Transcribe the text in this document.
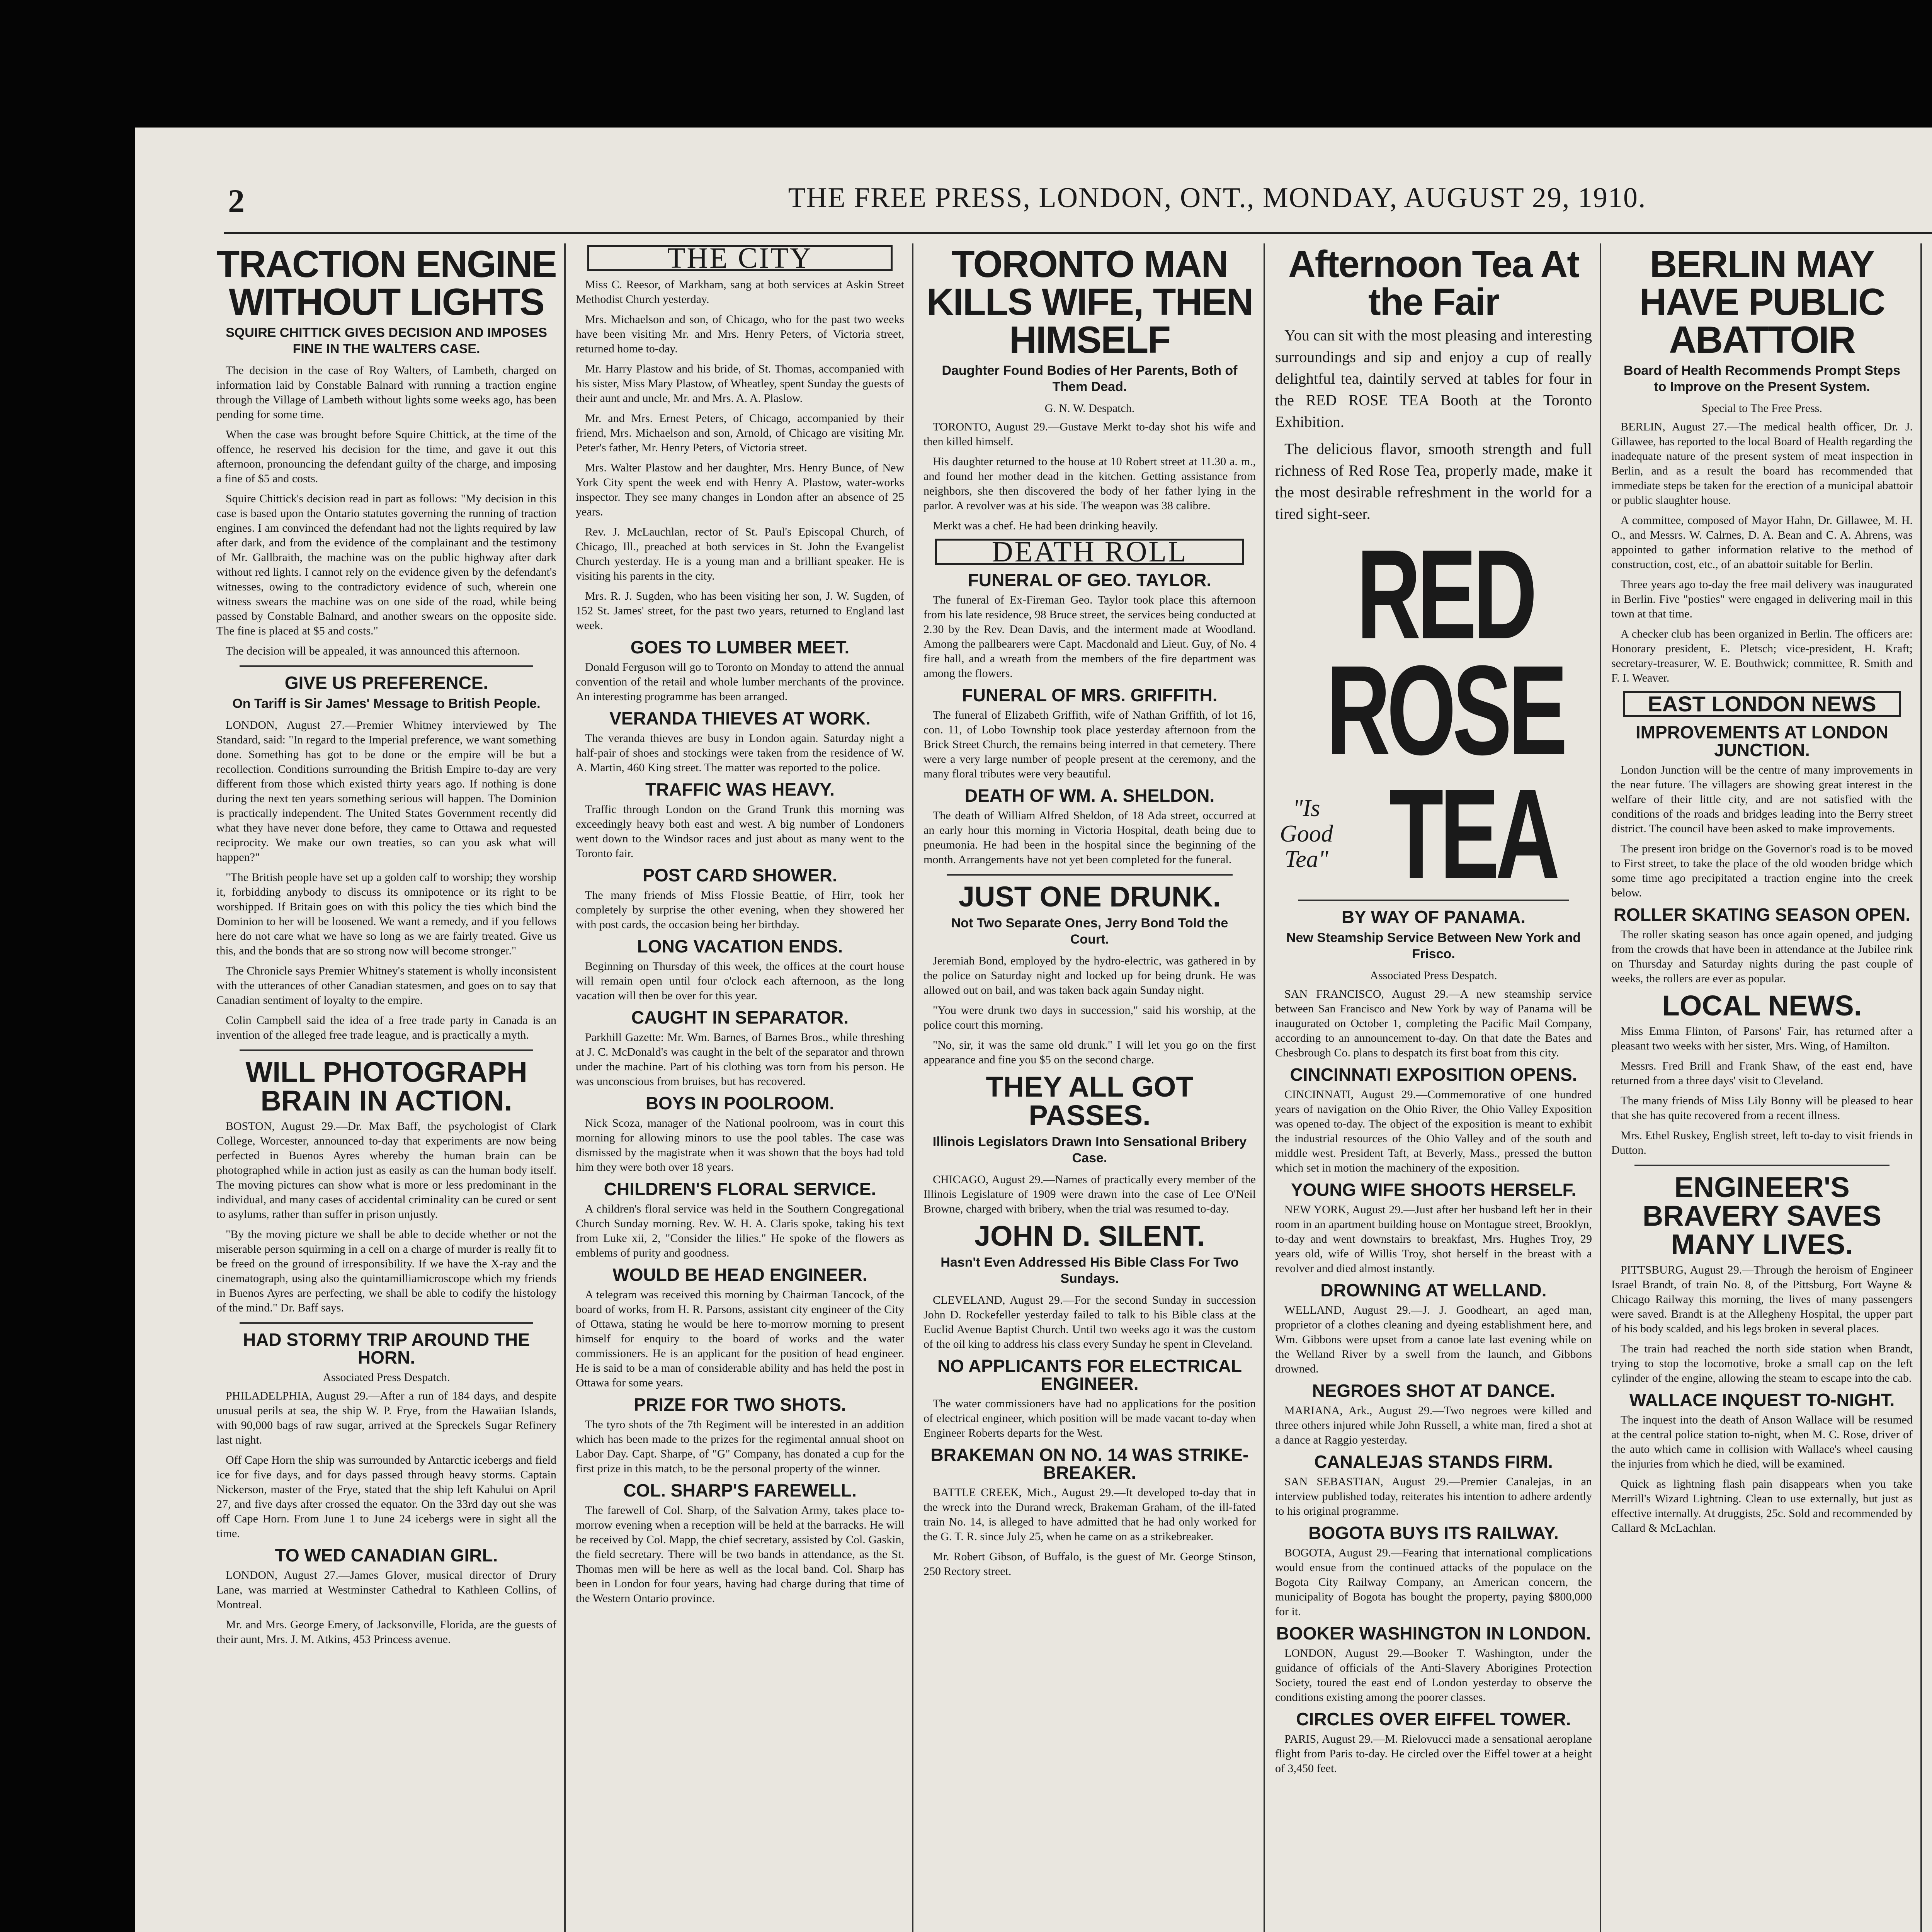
2	THE FREE PRESS, LONDON, ONT., MONDAY, AUGUST 29, 1910.
TRACTION ENGINE WITHOUT LIGHTS
SQUIRE CHITTICK GIVES DECISION AND IMPOSES FINE IN THE WALTERS CASE.

The decision in the case of Roy Walters, of Lambeth, charged on information laid by Constable Balnard with running a traction engine through the Village of Lambeth without lights some weeks ago, has been pending for some time.

When the case was brought before Squire Chittick, at the time of the offence, he reserved his decision for the time, and gave it out this afternoon, pronouncing the defendant guilty of the charge, and imposing a fine of $5 and costs.

Squire Chittick's decision read in part as follows: "My decision in this case is based upon the Ontario statutes governing the running of traction engines. I am convinced the defendant had not the lights required by law after dark, and from the evidence of the complainant and the testimony of Mr. Gallbraith, the machine was on the public highway after dark without red lights. I cannot rely on the evidence given by the defendant's witnesses, owing to the contradictory evidence of such, wherein one witness swears the machine was on one side of the road, while being passed by Constable Balnard, and another swears on the opposite side. The fine is placed at $5 and costs."

The decision will be appealed, it was announced this afternoon.

GIVE US PREFERENCE.
On Tariff is Sir James' Message to British People.

LONDON, August 27.—Premier Whitney interviewed by The Standard, said: "In regard to the Imperial preference, we want something done. Something has got to be done or the empire will be but a recollection. Conditions surrounding the British Empire to-day are very different from those which existed thirty years ago. If nothing is done during the next ten years something serious will happen. The Dominion is practically independent. The United States Government recently did what they have never done before, they came to Ottawa and requested reciprocity. We make our own treaties, so can you ask what will happen?"

"The British people have set up a golden calf to worship; they worship it, forbidding anybody to discuss its omnipotence or its right to be worshipped. If Britain goes on with this policy the ties which bind the Dominion to her will be loosened. We want a remedy, and if you fellows here do not care what we have so long as we are fairly treated. Give us this, and the bonds that are so strong now will become stronger."

The Chronicle says Premier Whitney's statement is wholly inconsistent with the utterances of other Canadian statesmen, and goes on to say that Canadian sentiment of loyalty to the empire.

Colin Campbell said the idea of a free trade party in Canada is an invention of the alleged free trade league, and is practically a myth.

WILL PHOTOGRAPH BRAIN IN ACTION.

BOSTON, August 29.—Dr. Max Baff, the psychologist of Clark College, Worcester, announced to-day that experiments are now being perfected in Buenos Ayres whereby the human brain can be photographed while in action just as easily as can the human body itself. The moving pictures can show what is more or less predominant in the individual, and many cases of accidental criminality can be cured or sent to asylums, rather than suffer in prison unjustly.

"By the moving picture we shall be able to decide whether or not the miserable person squirming in a cell on a charge of murder is really fit to be freed on the ground of irresponsibility. If we have the X-ray and the cinematograph, using also the quintamilliamicroscope which my friends in Buenos Ayres are perfecting, we shall be able to codify the histology of the mind." Dr. Baff says.

HAD STORMY TRIP AROUND THE HORN.
Associated Press Despatch.

PHILADELPHIA, August 29.—After a run of 184 days, and despite unusual perils at sea, the ship W. P. Frye, from the Hawaiian Islands, with 90,000 bags of raw sugar, arrived at the Spreckels Sugar Refinery last night.

Off Cape Horn the ship was surrounded by Antarctic icebergs and field ice for five days, and for days passed through heavy storms. Captain Nickerson, master of the Frye, stated that the ship left Kahului on April 27, and five days after crossed the equator. On the 33rd day out she was off Cape Horn. From June 1 to June 24 icebergs were in sight all the time.

TO WED CANADIAN GIRL.

LONDON, August 27.—James Glover, musical director of Drury Lane, was married at Westminster Cathedral to Kathleen Collins, of Montreal.

Mr. and Mrs. George Emery, of Jacksonville, Florida, are the guests of their aunt, Mrs. J. M. Atkins, 453 Princess avenue.

THE CITY

Miss C. Reesor, of Markham, sang at both services at Askin Street Methodist Church yesterday.

Mrs. Michaelson and son, of Chicago, who for the past two weeks have been visiting Mr. and Mrs. Henry Peters, of Victoria street, returned home to-day.

Mr. Harry Plastow and his bride, of St. Thomas, accompanied with his sister, Miss Mary Plastow, of Wheatley, spent Sunday the guests of their aunt and uncle, Mr. and Mrs. A. A. Plaslow.

Mr. and Mrs. Ernest Peters, of Chicago, accompanied by their friend, Mrs. Michaelson and son, Arnold, of Chicago are visiting Mr. Peter's father, Mr. Henry Peters, of Victoria street.

Mrs. Walter Plastow and her daughter, Mrs. Henry Bunce, of New York City spent the week end with Henry A. Plastow, water-works inspector. They see many changes in London after an absence of 25 years.

Rev. J. McLauchlan, rector of St. Paul's Episcopal Church, of Chicago, Ill., preached at both services in St. John the Evangelist Church yesterday. He is a young man and a brilliant speaker. He is visiting his parents in the city.

Mrs. R. J. Sugden, who has been visiting her son, J. W. Sugden, of 152 St. James' street, for the past two years, returned to England last week.

GOES TO LUMBER MEET.

Donald Ferguson will go to Toronto on Monday to attend the annual convention of the retail and whole lumber merchants of the province. An interesting programme has been arranged.

VERANDA THIEVES AT WORK.

The veranda thieves are busy in London again. Saturday night a half-pair of shoes and stockings were taken from the residence of W. A. Martin, 460 King street. The matter was reported to the police.

TRAFFIC WAS HEAVY.

Traffic through London on the Grand Trunk this morning was exceedingly heavy both east and west. A big number of Londoners went down to the Windsor races and just about as many went to the Toronto fair.

POST CARD SHOWER.

The many friends of Miss Flossie Beattie, of Hirr, took her completely by surprise the other evening, when they showered her with post cards, the occasion being her birthday.

LONG VACATION ENDS.

Beginning on Thursday of this week, the offices at the court house will remain open until four o'clock each afternoon, as the long vacation will then be over for this year.

CAUGHT IN SEPARATOR.

Parkhill Gazette: Mr. Wm. Barnes, of Barnes Bros., while threshing at J. C. McDonald's was caught in the belt of the separator and thrown under the machine. Part of his clothing was torn from his person. He was unconscious from bruises, but has recovered.

BOYS IN POOLROOM.

Nick Scoza, manager of the National poolroom, was in court this morning for allowing minors to use the pool tables. The case was dismissed by the magistrate when it was shown that the boys had told him they were both over 18 years.

CHILDREN'S FLORAL SERVICE.

A children's floral service was held in the Southern Congregational Church Sunday morning. Rev. W. H. A. Claris spoke, taking his text from Luke xii, 2, "Consider the lilies." He spoke of the flowers as emblems of purity and goodness.

WOULD BE HEAD ENGINEER.

A telegram was received this morning by Chairman Tancock, of the board of works, from H. R. Parsons, assistant city engineer of the City of Ottawa, stating he would be here to-morrow morning to present himself for enquiry to the board of works and the water commissioners. He is an applicant for the position of head engineer. He is said to be a man of considerable ability and has held the post in Ottawa for some years.

PRIZE FOR TWO SHOTS.

The tyro shots of the 7th Regiment will be interested in an addition which has been made to the prizes for the regimental annual shoot on Labor Day. Capt. Sharpe, of "G" Company, has donated a cup for the first prize in this match, to be the personal property of the winner.

COL. SHARP'S FAREWELL.

The farewell of Col. Sharp, of the Salvation Army, takes place to-morrow evening when a reception will be held at the barracks. He will be received by Col. Mapp, the chief secretary, assisted by Col. Gaskin, the field secretary. There will be two bands in attendance, as the St. Thomas men will be here as well as the local band. Col. Sharp has been in London for four years, having had charge during that time of the Western Ontario province.

TORONTO MAN KILLS WIFE, THEN HIMSELF
Daughter Found Bodies of Her Parents, Both of Them Dead.
G. N. W. Despatch.

TORONTO, August 29.—Gustave Merkt to-day shot his wife and then killed himself.

His daughter returned to the house at 10 Robert street at 11.30 a. m., and found her mother dead in the kitchen. Getting assistance from neighbors, she then discovered the body of her father lying in the parlor. A revolver was at his side. The weapon was 38 calibre.

Merkt was a chef. He had been drinking heavily.

DEATH ROLL
FUNERAL OF GEO. TAYLOR.

The funeral of Ex-Fireman Geo. Taylor took place this afternoon from his late residence, 98 Bruce street, the services being conducted at 2.30 by the Rev. Dean Davis, and the interment made at Woodland. Among the pallbearers were Capt. Macdonald and Lieut. Guy, of No. 4 fire hall, and a wreath from the members of the fire department was among the flowers.

FUNERAL OF MRS. GRIFFITH.

The funeral of Elizabeth Griffith, wife of Nathan Griffith, of lot 16, con. 11, of Lobo Township took place yesterday afternoon from the Brick Street Church, the remains being interred in that cemetery. There were a very large number of people present at the ceremony, and the many floral tributes were very beautiful.

DEATH OF WM. A. SHELDON.

The death of William Alfred Sheldon, of 18 Ada street, occurred at an early hour this morning in Victoria Hospital, death being due to pneumonia. He had been in the hospital since the beginning of the month. Arrangements have not yet been completed for the funeral.

JUST ONE DRUNK.
Not Two Separate Ones, Jerry Bond Told the Court.

Jeremiah Bond, employed by the hydro-electric, was gathered in by the police on Saturday night and locked up for being drunk. He was allowed out on bail, and was taken back again Sunday night.

"You were drunk two days in succession," said his worship, at the police court this morning.

"No, sir, it was the same old drunk." I will let you go on the first appearance and fine you $5 on the second charge.

THEY ALL GOT PASSES.
Illinois Legislators Drawn Into Sensational Bribery Case.

CHICAGO, August 29.—Names of practically every member of the Illinois Legislature of 1909 were drawn into the case of Lee O'Neil Browne, charged with bribery, when the trial was resumed to-day.

JOHN D. SILENT.
Hasn't Even Addressed His Bible Class For Two Sundays.

CLEVELAND, August 29.—For the second Sunday in succession John D. Rockefeller yesterday failed to talk to his Bible class at the Euclid Avenue Baptist Church. Until two weeks ago it was the custom of the oil king to address his class every Sunday he spent in Cleveland.

NO APPLICANTS FOR ELECTRICAL ENGINEER.

The water commissioners have had no applications for the position of electrical engineer, which position will be made vacant to-day when Engineer Roberts departs for the West.

BRAKEMAN ON NO. 14 WAS STRIKE-BREAKER.

BATTLE CREEK, Mich., August 29.—It developed to-day that in the wreck into the Durand wreck, Brakeman Graham, of the ill-fated train No. 14, is alleged to have admitted that he had only worked for the G. T. R. since July 25, when he came on as a strikebreaker.

Mr. Robert Gibson, of Buffalo, is the guest of Mr. George Stinson, 250 Rectory street.

Afternoon Tea At the Fair

You can sit with the most pleasing and interesting surroundings and sip and enjoy a cup of really delightful tea, daintily served at tables for four in the RED ROSE TEA Booth at the Toronto Exhibition.

The delicious flavor, smooth strength and full richness of Red Rose Tea, properly made, make it the most desirable refreshment in the world for a tired sight-seer.

RED ROSE
"Is Good Tea" TEA
BY WAY OF PANAMA.
New Steamship Service Between New York and Frisco.
Associated Press Despatch.

SAN FRANCISCO, August 29.—A new steamship service between San Francisco and New York by way of Panama will be inaugurated on October 1, completing the Pacific Mail Company, according to an announcement to-day. On that date the Bates and Chesbrough Co. plans to despatch its first boat from this city.

CINCINNATI EXPOSITION OPENS.

CINCINNATI, August 29.—Commemorative of one hundred years of navigation on the Ohio River, the Ohio Valley Exposition was opened to-day. The object of the exposition is meant to exhibit the industrial resources of the Ohio Valley and of the south and middle west. President Taft, at Beverly, Mass., pressed the button which set in motion the machinery of the exposition.

YOUNG WIFE SHOOTS HERSELF.

NEW YORK, August 29.—Just after her husband left her in their room in an apartment building house on Montague street, Brooklyn, to-day and went downstairs to breakfast, Mrs. Hughes Troy, 29 years old, wife of Willis Troy, shot herself in the breast with a revolver and died almost instantly.

DROWNING AT WELLAND.

WELLAND, August 29.—J. J. Goodheart, an aged man, proprietor of a clothes cleaning and dyeing establishment here, and Wm. Gibbons were upset from a canoe late last evening while on the Welland River by a swell from the launch, and Gibbons drowned.

NEGROES SHOT AT DANCE.

MARIANA, Ark., August 29.—Two negroes were killed and three others injured while John Russell, a white man, fired a shot at a dance at Raggio yesterday.

CANALEJAS STANDS FIRM.

SAN SEBASTIAN, August 29.—Premier Canalejas, in an interview published today, reiterates his intention to adhere ardently to his original programme.

BOGOTA BUYS ITS RAILWAY.

BOGOTA, August 29.—Fearing that international complications would ensue from the continued attacks of the populace on the Bogota City Railway Company, an American concern, the municipality of Bogota has bought the property, paying $800,000 for it.

BOOKER WASHINGTON IN LONDON.

LONDON, August 29.—Booker T. Washington, under the guidance of officials of the Anti-Slavery Aborigines Protection Society, toured the east end of London yesterday to observe the conditions existing among the poorer classes.

CIRCLES OVER EIFFEL TOWER.

PARIS, August 29.—M. Rielovucci made a sensational aeroplane flight from Paris to-day. He circled over the Eiffel tower at a height of 3,450 feet.

BERLIN MAY HAVE PUBLIC ABATTOIR
Board of Health Recommends Prompt Steps to Improve on the Present System.
Special to The Free Press.

BERLIN, August 27.—The medical health officer, Dr. J. Gillawee, has reported to the local Board of Health regarding the inadequate nature of the present system of meat inspection in Berlin, and as a result the board has recommended that immediate steps be taken for the erection of a municipal abattoir or public slaughter house.

A committee, composed of Mayor Hahn, Dr. Gillawee, M. H. O., and Messrs. W. Calrnes, D. A. Bean and C. A. Ahrens, was appointed to gather information relative to the method of construction, cost, etc., of an abattoir suitable for Berlin.

Three years ago to-day the free mail delivery was inaugurated in Berlin. Five "posties" were engaged in delivering mail in this town at that time.

A checker club has been organized in Berlin. The officers are: Honorary president, E. Pletsch; vice-president, H. Kraft; secretary-treasurer, W. E. Bouthwick; committee, R. Smith and F. I. Weaver.

EAST LONDON NEWS
IMPROVEMENTS AT LONDON JUNCTION.

London Junction will be the centre of many improvements in the near future. The villagers are showing great interest in the welfare of their little city, and are not satisfied with the conditions of the roads and bridges leading into the Berry street district. The council have been asked to make improvements.

The present iron bridge on the Governor's road is to be moved to First street, to take the place of the old wooden bridge which some time ago precipitated a traction engine into the creek below.

ROLLER SKATING SEASON OPEN.

The roller skating season has once again opened, and judging from the crowds that have been in attendance at the Jubilee rink on Thursday and Saturday nights during the past couple of weeks, the rollers are ever as popular.

LOCAL NEWS.

Miss Emma Flinton, of Parsons' Fair, has returned after a pleasant two weeks with her sister, Mrs. Wing, of Hamilton.

Messrs. Fred Brill and Frank Shaw, of the east end, have returned from a three days' visit to Cleveland.

The many friends of Miss Lily Bonny will be pleased to hear that she has quite recovered from a recent illness.

Mrs. Ethel Ruskey, English street, left to-day to visit friends in Dutton.

ENGINEER'S BRAVERY SAVES MANY LIVES.

PITTSBURG, August 29.—Through the heroism of Engineer Israel Brandt, of train No. 8, of the Pittsburg, Fort Wayne & Chicago Railway this morning, the lives of many passengers were saved. Brandt is at the Allegheny Hospital, the upper part of his body scalded, and his legs broken in several places.

The train had reached the north side station when Brandt, trying to stop the locomotive, broke a small cap on the left cylinder of the engine, allowing the steam to escape into the cab.

WALLACE INQUEST TO-NIGHT.

The inquest into the death of Anson Wallace will be resumed at the central police station to-night, when M. C. Rose, driver of the auto which came in collision with Wallace's wheel causing the injuries from which he died, will be examined.

Quick as lightning flash pain disappears when you take Merrill's Wizard Lightning. Clean to use externally, but just as effective internally. At druggists, 25c. Sold and recommended by Callard & McLachlan.
